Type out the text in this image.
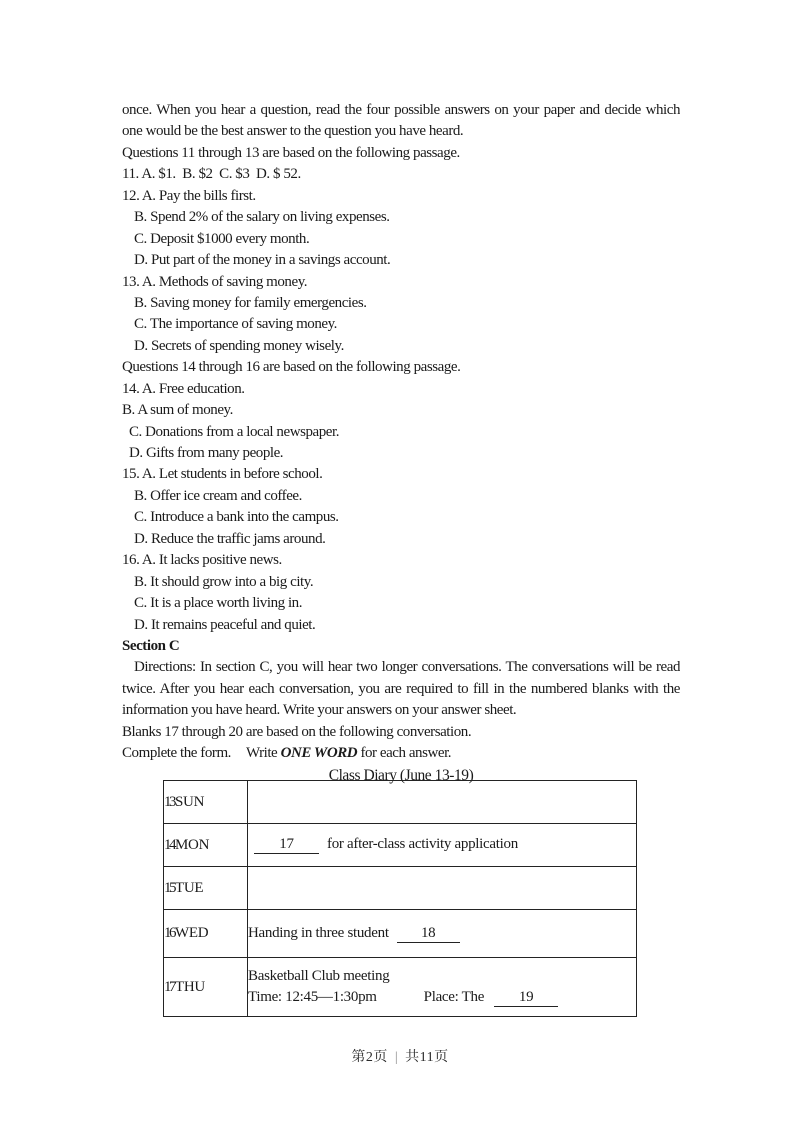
once. When you hear a question, read the four possible answers on your paper and decide which
one would be the best answer to the question you have heard.
Questions 11 through 13 are based on the following passage.
11. A. $1.  B. $2  C. $3  D. $ 52.
12. A. Pay the bills first.
B. Spend 2% of the salary on living expenses.
C. Deposit $1000 every month.
D. Put part of the money in a savings account.
13. A. Methods of saving money.
B. Saving money for family emergencies.
C. The importance of saving money.
D. Secrets of spending money wisely.
Questions 14 through 16 are based on the following passage.
14. A. Free education.
B. A sum of money.
C. Donations from a local newspaper.
D. Gifts from many people.
15. A. Let students in before school.
B. Offer ice cream and coffee.
C. Introduce a bank into the campus.
D. Reduce the traffic jams around.
16. A. It lacks positive news.
B. It should grow into a big city.
C. It is a place worth living in.
D. It remains peaceful and quiet.
Section C
Directions: In section C, you will hear two longer conversations. The conversations will be read
twice. After you hear each conversation, you are required to fill in the numbered blanks with the
information you have heard. Write your answers on your answer sheet.
Blanks 17 through 20 are based on the following conversation.
Complete the form. Write ONE WORD for each answer.
Class Diary (June 13-19)
13SUN	
14MON	17 for after-class activity application
15TUE	
16WED	Handing in three student 18
17THU	Basketball Club meeting
Time: 12:45—1:30pm Place: The 19
第2页 | 共11页
